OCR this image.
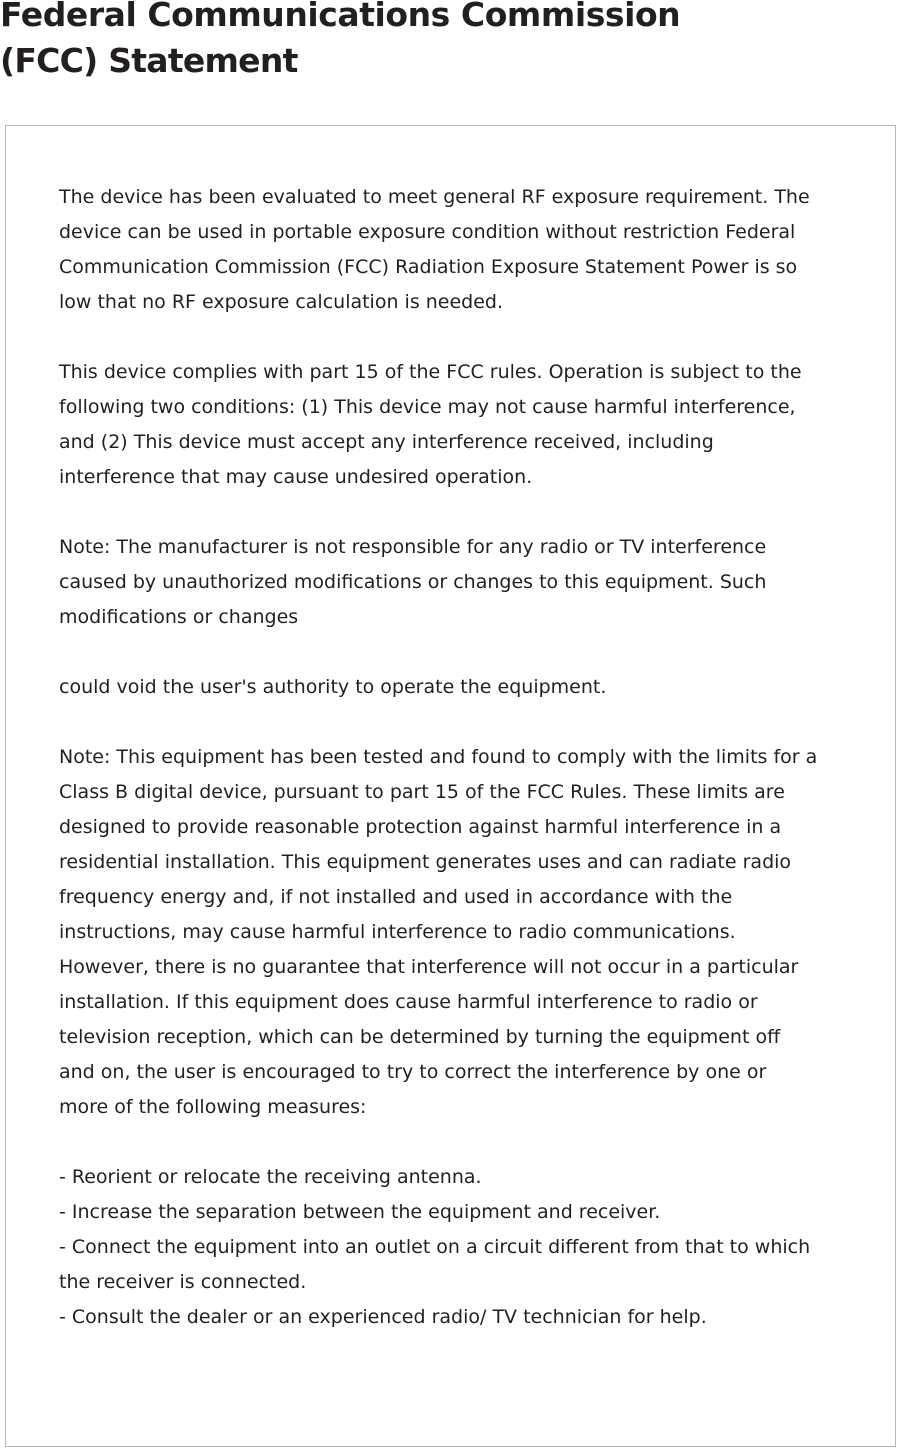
Federal Communications Commission
(FCC) Statement
The device has been evaluated to meet general RF exposure requirement. The
device can be used in portable exposure condition without restriction Federal
Communication Commission (FCC) Radiation Exposure Statement Power is so
low that no RF exposure calculation is needed.
This device complies with part 15 of the FCC rules. Operation is subject to the
following two conditions: (1) This device may not cause harmful interference,
and (2) This device must accept any interference received, including
interference that may cause undesired operation.
Note: The manufacturer is not responsible for any radio or TV interference
caused by unauthorized modifications or changes to this equipment. Such
modifications or changes
could void the user's authority to operate the equipment.
Note: This equipment has been tested and found to comply with the limits for a
Class B digital device, pursuant to part 15 of the FCC Rules. These limits are
designed to provide reasonable protection against harmful interference in a
residential installation. This equipment generates uses and can radiate radio
frequency energy and, if not installed and used in accordance with the
instructions, may cause harmful interference to radio communications.
However, there is no guarantee that interference will not occur in a particular
installation. If this equipment does cause harmful interference to radio or
television reception, which can be determined by turning the equipment off
and on, the user is encouraged to try to correct the interference by one or
more of the following measures:
- Reorient or relocate the receiving antenna.
- Increase the separation between the equipment and receiver.
- Connect the equipment into an outlet on a circuit different from that to which
the receiver is connected.
- Consult the dealer or an experienced radio/ TV technician for help.
